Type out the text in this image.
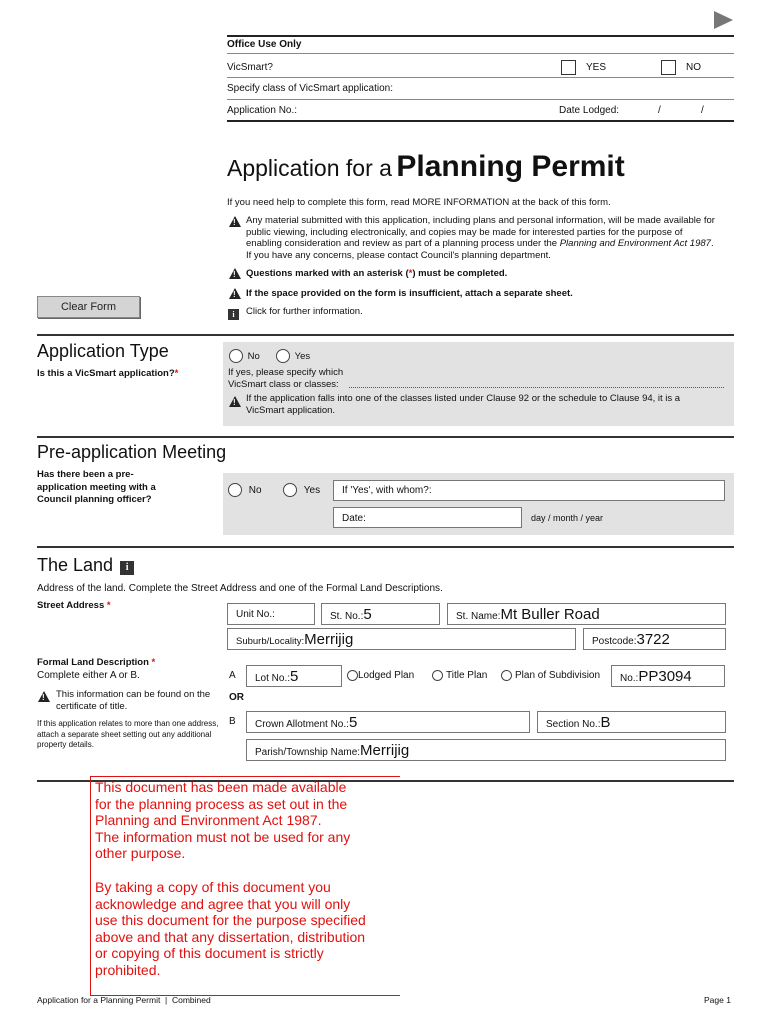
Office Use Only
VicSmart?	YES	NO
Specify class of VicSmart application:
Application No.:	Date Lodged:	/	/
Application for a Planning Permit
If you need help to complete this form, read MORE INFORMATION at the back of this form.
!
Any material submitted with this application, including plans and personal information, will be made available for public viewing, including electronically, and copies may be made for interested parties for the purpose of enabling consideration and review as part of a planning process under the Planning and Environment Act 1987. If you have any concerns, please contact Council's planning department.
!
Questions marked with an asterisk (*) must be completed.
!
If the space provided on the form is insufficient, attach a separate sheet.
i	Click for further information.
Clear Form
Application Type
Is this a VicSmart application?*
No	Yes
If yes, please specify which
VicSmart class or classes:
!
If the application falls into one of the classes listed under Clause 92 or the schedule to Clause 94, it is a VicSmart application.
Pre-application Meeting
Has there been a pre-application meeting with a Council planning officer?
No	Yes If 'Yes', with whom?:
Date:	day / month / year
The Land i
Address of the land. Complete the Street Address and one of the Formal Land Descriptions.
Street Address *
Unit No.:	St. No.:5	St. Name:Mt Buller Road
Suburb/Locality:Merrijig	Postcode:3722
Formal Land Description *
Complete either A or B.
!
This information can be found on the certificate of title.
If this application relates to more than one address, attach a separate sheet setting out any additional property details.
A Lot No.:5	Lodged Plan	Title Plan	Plan of Subdivision No.:PP3094
OR
B Crown Allotment No.:5	Section No.:B
Parish/Township Name:Merrijig
This document has been made available
for the planning process as set out in the
Planning and Environment Act 1987.
The information must not be used for any
other purpose.
By taking a copy of this document you
acknowledge and agree that you will only
use this document for the purpose specified
above and that any dissertation, distribution
or copying of this document is strictly
prohibited.
Application for a Planning Permit  |  Combined	Page 1
